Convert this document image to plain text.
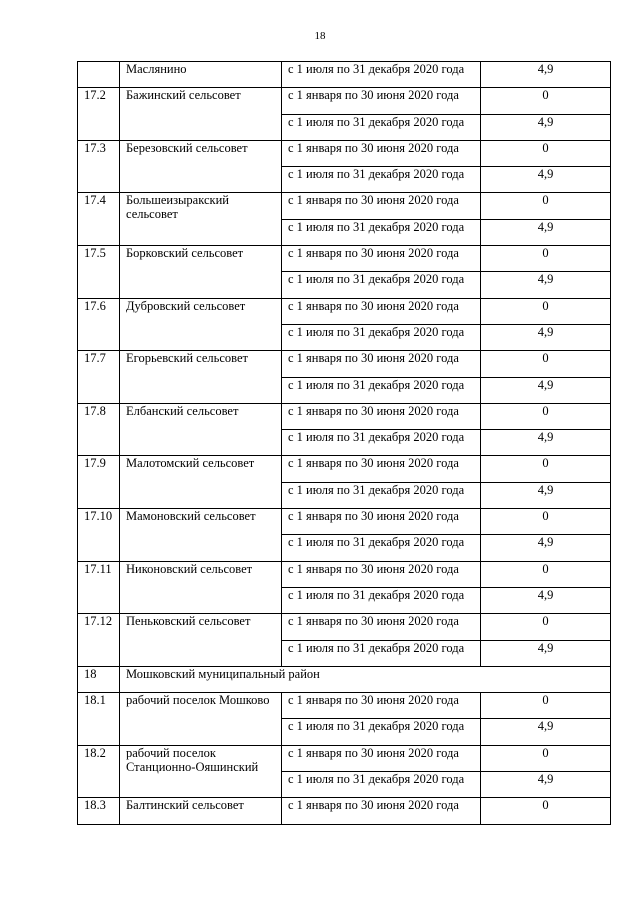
18
	Маслянино	с 1 июля по 31 декабря 2020 года	4,9
17.2	Бажинский сельсовет	с 1 января по 30 июня 2020 года	0
		с 1 июля по 31 декабря 2020 года	4,9
17.3	Березовский сельсовет	с 1 января по 30 июня 2020 года	0
		с 1 июля по 31 декабря 2020 года	4,9
17.4	Большеизыракский сельсовет	с 1 января по 30 июня 2020 года	0
		с 1 июля по 31 декабря 2020 года	4,9
17.5	Борковский сельсовет	с 1 января по 30 июня 2020 года	0
		с 1 июля по 31 декабря 2020 года	4,9
17.6	Дубровский сельсовет	с 1 января по 30 июня 2020 года	0
		с 1 июля по 31 декабря 2020 года	4,9
17.7	Егорьевский сельсовет	с 1 января по 30 июня 2020 года	0
		с 1 июля по 31 декабря 2020 года	4,9
17.8	Елбанский сельсовет	с 1 января по 30 июня 2020 года	0
		с 1 июля по 31 декабря 2020 года	4,9
17.9	Малотомский сельсовет	с 1 января по 30 июня 2020 года	0
		с 1 июля по 31 декабря 2020 года	4,9
17.10	Мамоновский сельсовет	с 1 января по 30 июня 2020 года	0
		с 1 июля по 31 декабря 2020 года	4,9
17.11	Никоновский сельсовет	с 1 января по 30 июня 2020 года	0
		с 1 июля по 31 декабря 2020 года	4,9
17.12	Пеньковский сельсовет	с 1 января по 30 июня 2020 года	0
		с 1 июля по 31 декабря 2020 года	4,9
18	Мошковский муниципальный район		
18.1	рабочий поселок Мошково	с 1 января по 30 июня 2020 года	0
		с 1 июля по 31 декабря 2020 года	4,9
18.2	рабочий поселок Станционно-Ояшинский	с 1 января по 30 июня 2020 года	0
		с 1 июля по 31 декабря 2020 года	4,9
18.3	Балтинский сельсовет	с 1 января по 30 июня 2020 года	0
